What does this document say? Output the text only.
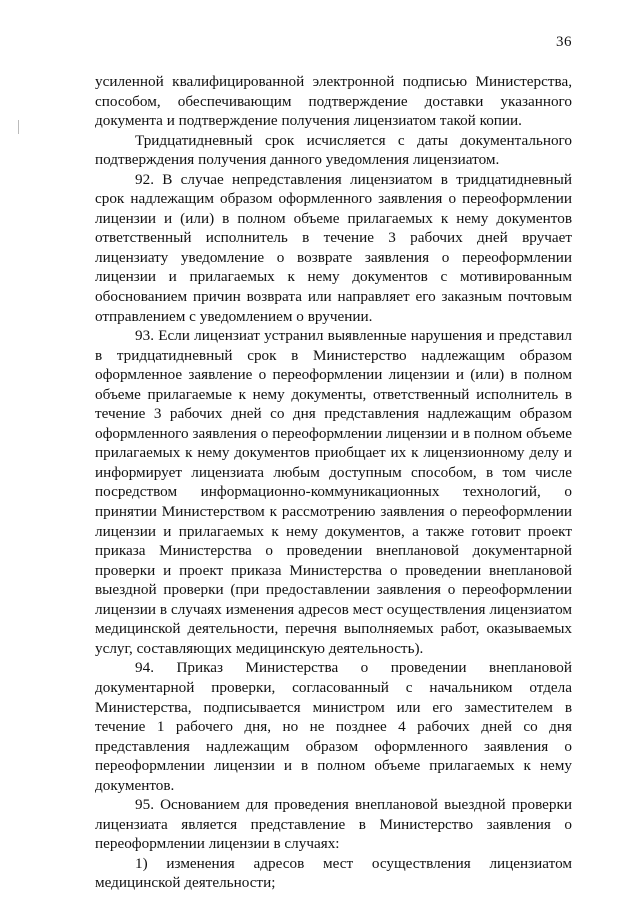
36

усиленной квалифицированной электронной подписью Министерства, способом, обеспечивающим подтверждение доставки указанного документа и подтверждение получения лицензиатом такой копии.

Тридцатидневный срок исчисляется с даты документального подтверждения получения данного уведомления лицензиатом.

92. В случае непредставления лицензиатом в тридцатидневный срок надлежащим образом оформленного заявления о переоформлении лицензии и (или) в полном объеме прилагаемых к нему документов ответственный исполнитель в течение 3 рабочих дней вручает лицензиату уведомление о возврате заявления о переоформлении лицензии и прилагаемых к нему документов с мотивированным обоснованием причин возврата или направляет его заказным почтовым отправлением с уведомлением о вручении.

93. Если лицензиат устранил выявленные нарушения и представил в тридцатидневный срок в Министерство надлежащим образом оформленное заявление о переоформлении лицензии и (или) в полном объеме прилагаемые к нему документы, ответственный исполнитель в течение 3 рабочих дней со дня представления надлежащим образом оформленного заявления о переоформлении лицензии и в полном объеме прилагаемых к нему документов приобщает их к лицензионному делу и информирует лицензиата любым доступным способом, в том числе посредством информационно-коммуникационных технологий, о принятии Министерством к рассмотрению заявления о переоформлении лицензии и прилагаемых к нему документов, а также готовит проект приказа Министерства о проведении внеплановой документарной проверки и проект приказа Министерства о проведении внеплановой выездной проверки (при предоставлении заявления о переоформлении лицензии в случаях изменения адресов мест осуществления лицензиатом медицинской деятельности, перечня выполняемых работ, оказываемых услуг, составляющих медицинскую деятельность).

94. Приказ Министерства о проведении внеплановой документарной проверки, согласованный с начальником отдела Министерства, подписывается министром или его заместителем в течение 1 рабочего дня, но не позднее 4 рабочих дней со дня представления надлежащим образом оформленного заявления о переоформлении лицензии и в полном объеме прилагаемых к нему документов.

95. Основанием для проведения внеплановой выездной проверки лицензиата является представление в Министерство заявления о переоформлении лицензии в случаях:

1) изменения адресов мест осуществления лицензиатом медицинской деятельности;
